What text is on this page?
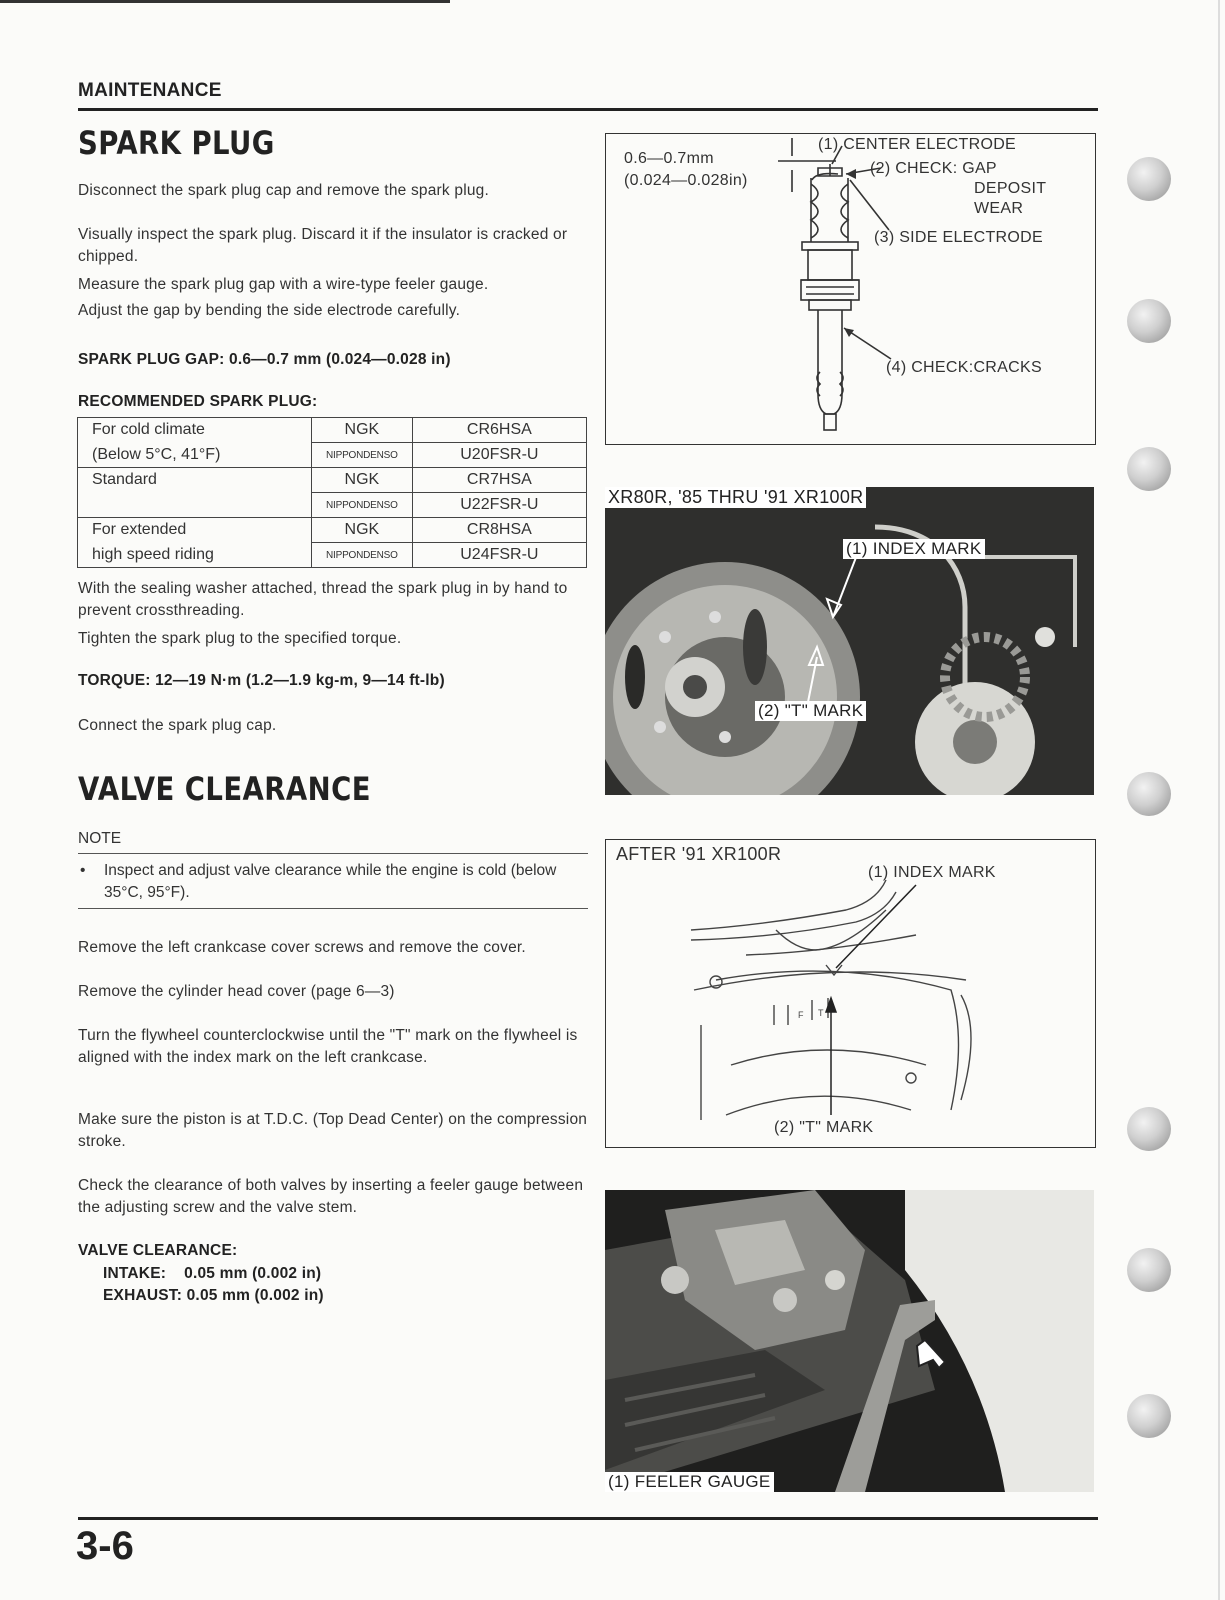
MAINTENANCE
SPARK PLUG
Disconnect the spark plug cap and remove the spark plug.
Visually inspect the spark plug. Discard it if the insulator is cracked or chipped.
Measure the spark plug gap with a wire-type feeler gauge.
Adjust the gap by bending the side electrode carefully.
SPARK PLUG GAP: 0.6—0.7 mm (0.024—0.028 in)
RECOMMENDED SPARK PLUG:
For cold climate	NGK	CR6HSA
(Below 5°C, 41°F)	NIPPONDENSO	U20FSR-U
Standard	NGK	CR7HSA
	NIPPONDENSO	U22FSR-U
For extended	NGK	CR8HSA
high speed riding	NIPPONDENSO	U24FSR-U
With the sealing washer attached, thread the spark plug in by hand to prevent crossthreading.
Tighten the spark plug to the specified torque.
TORQUE: 12—19 N·m (1.2—1.9 kg-m, 9—14 ft-lb)
Connect the spark plug cap.
VALVE CLEARANCE
NOTE
• Inspect and adjust valve clearance while the engine is cold (below 35°C, 95°F).
Remove the left crankcase cover screws and remove the cover.
Remove the cylinder head cover (page 6—3)
Turn the flywheel counterclockwise until the "T" mark on the flywheel is aligned with the index mark on the left crankcase.
Make sure the piston is at T.D.C. (Top Dead Center) on the compression stroke.
Check the clearance of both valves by inserting a feeler gauge between the adjusting screw and the valve stem.
VALVE CLEARANCE:
INTAKE:    0.05 mm (0.002 in)
EXHAUST: 0.05 mm (0.002 in)
0.6—0.7mm
(0.024—0.028in)
(1) CENTER ELECTRODE
(2) CHECK: GAP
DEPOSIT
WEAR
(3) SIDE ELECTRODE
(4) CHECK:CRACKS
XR80R, '85 THRU '91 XR100R
(1) INDEX MARK
(2) "T" MARK
AFTER '91 XR100R
(1) INDEX MARK
(2) "T" MARK
F T
(1) FEELER GAUGE
3-6
